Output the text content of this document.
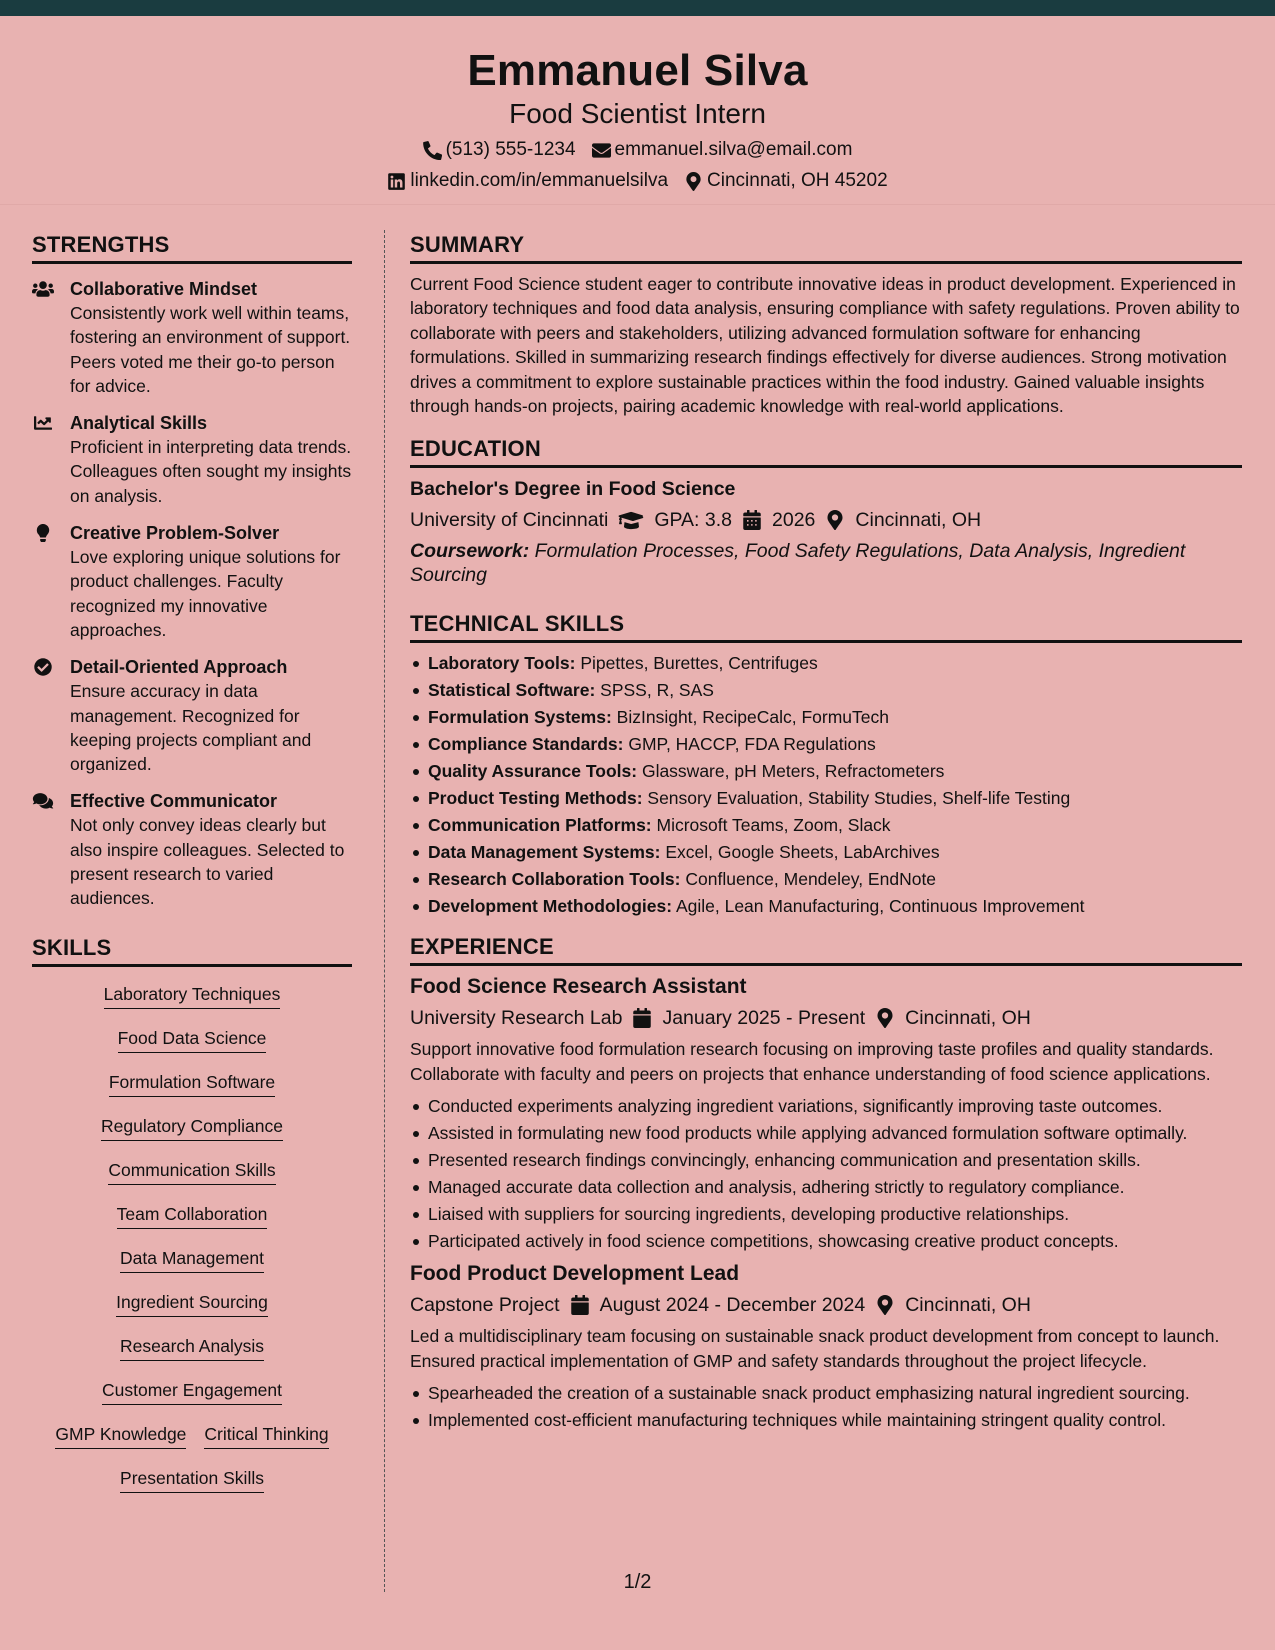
Emmanuel Silva
Food Scientist Intern
(513) 555-1234 emmanuel.silva@email.com
linkedin.com/in/emmanuelsilva Cincinnati, OH 45202
STRENGTHS
Collaborative Mindset
Consistently work well within teams, fostering an environment of support. Peers voted me their go-to person for advice.
Analytical Skills
Proficient in interpreting data trends. Colleagues often sought my insights on analysis.
Creative Problem-Solver
Love exploring unique solutions for product challenges. Faculty recognized my innovative approaches.
Detail-Oriented Approach
Ensure accuracy in data management. Recognized for keeping projects compliant and organized.
Effective Communicator
Not only convey ideas clearly but also inspire colleagues. Selected to present research to varied audiences.
SKILLS
Laboratory Techniques
Food Data Science
Formulation Software
Regulatory Compliance
Communication Skills
Team Collaboration
Data Management
Ingredient Sourcing
Research Analysis
Customer Engagement
GMP Knowledge Critical Thinking
Presentation Skills
SUMMARY
Current Food Science student eager to contribute innovative ideas in product development. Experienced in laboratory techniques and food data analysis, ensuring compliance with safety regulations. Proven ability to collaborate with peers and stakeholders, utilizing advanced formulation software for enhancing formulations. Skilled in summarizing research findings effectively for diverse audiences. Strong motivation drives a commitment to explore sustainable practices within the food industry. Gained valuable insights through hands-on projects, pairing academic knowledge with real-world applications.
EDUCATION
Bachelor's Degree in Food Science
University of Cincinnati GPA: 3.8 2026 Cincinnati, OH
Coursework: Formulation Processes, Food Safety Regulations, Data Analysis, Ingredient Sourcing
TECHNICAL SKILLS
Laboratory Tools: Pipettes, Burettes, Centrifuges
Statistical Software: SPSS, R, SAS
Formulation Systems: BizInsight, RecipeCalc, FormuTech
Compliance Standards: GMP, HACCP, FDA Regulations
Quality Assurance Tools: Glassware, pH Meters, Refractometers
Product Testing Methods: Sensory Evaluation, Stability Studies, Shelf-life Testing
Communication Platforms: Microsoft Teams, Zoom, Slack
Data Management Systems: Excel, Google Sheets, LabArchives
Research Collaboration Tools: Confluence, Mendeley, EndNote
Development Methodologies: Agile, Lean Manufacturing, Continuous Improvement
EXPERIENCE
Food Science Research Assistant
University Research Lab January 2025 - Present Cincinnati, OH
Support innovative food formulation research focusing on improving taste profiles and quality standards. Collaborate with faculty and peers on projects that enhance understanding of food science applications.
Conducted experiments analyzing ingredient variations, significantly improving taste outcomes.
Assisted in formulating new food products while applying advanced formulation software optimally.
Presented research findings convincingly, enhancing communication and presentation skills.
Managed accurate data collection and analysis, adhering strictly to regulatory compliance.
Liaised with suppliers for sourcing ingredients, developing productive relationships.
Participated actively in food science competitions, showcasing creative product concepts.
Food Product Development Lead
Capstone Project August 2024 - December 2024 Cincinnati, OH
Led a multidisciplinary team focusing on sustainable snack product development from concept to launch. Ensured practical implementation of GMP and safety standards throughout the project lifecycle.
Spearheaded the creation of a sustainable snack product emphasizing natural ingredient sourcing.
Implemented cost-efficient manufacturing techniques while maintaining stringent quality control.
1/2
